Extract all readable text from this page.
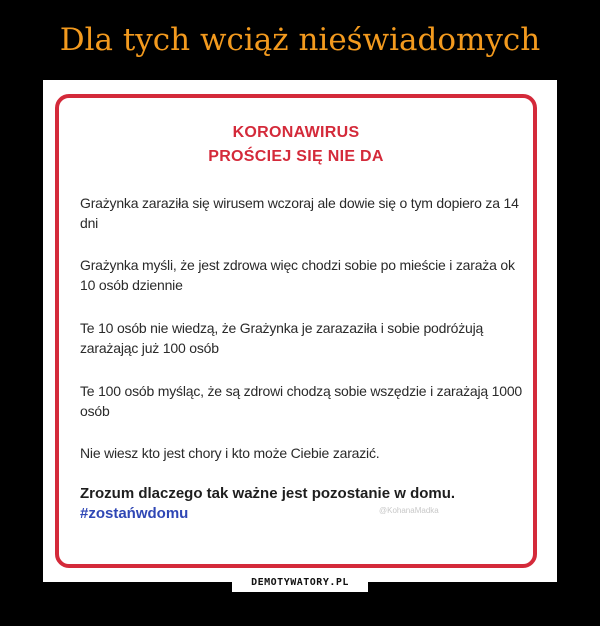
Dla tych wciąż nieświadomych
KORONAWIRUS
PROŚCIEJ SIĘ NIE DA
Grażynka zaraziła się wirusem wczoraj ale dowie się o tym dopiero za 14 dni
Grażynka myśli, że jest zdrowa więc chodzi sobie po mieście i zaraża ok 10 osób dziennie
Te 10 osób nie wiedzą, że Grażynka je zarazaziła i sobie podróżują zarażając już 100 osób
Te 100 osób myśląc, że są zdrowi chodzą sobie wszędzie i zarażają 1000 osób
Nie wiesz kto jest chory i kto może Ciebie zarazić.
Zrozum dlaczego tak ważne jest pozostanie w domu.
#zostańwdomu	@KohanaMadka
DEMOTYWATORY.PL
